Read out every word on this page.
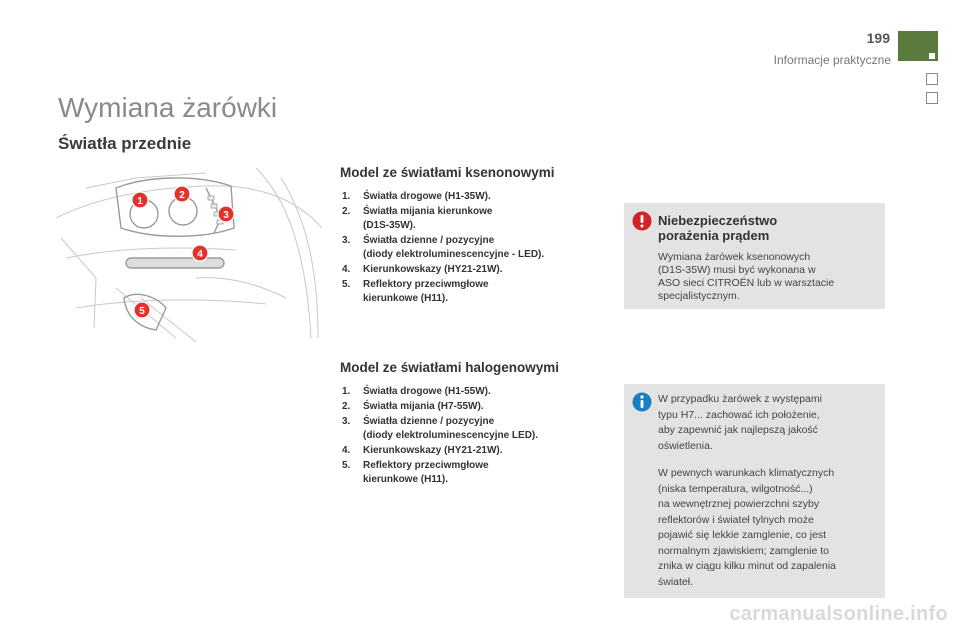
199
Informacje praktyczne
Wymiana żarówki
Światła przednie
1
2
3
4
5
Model ze światłami ksenonowymi
1.	Światła drogowe (H1-35W).
2.	Światła mijania kierunkowe
(D1S-35W).
3.	Światła dzienne / pozycyjne
(diody elektroluminescencyjne - LED).
4.	Kierunkowskazy (HY21-21W).
5.	Reflektory przeciwmgłowe
kierunkowe (H11).
Model ze światłami halogenowymi
1.	Światła drogowe (H1-55W).
2.	Światła mijania (H7-55W).
3.	Światła dzienne / pozycyjne
(diody elektroluminescencyjne LED).
4.	Kierunkowskazy (HY21-21W).
5.	Reflektory przeciwmgłowe
kierunkowe (H11).

Niebezpieczeństwo
porażenia prądem

Wymiana żarówek ksenonowych
(D1S-35W) musi być wykonana w
ASO sieci CITROËN lub w warsztacie
specjalistycznym.

W przypadku żarówek z występami
typu H7... zachować ich położenie,
aby zapewnić jak najlepszą jakość
oświetlenia.

W pewnych warunkach klimatycznych
(niska temperatura, wilgotność...)
na wewnętrznej powierzchni szyby
reflektorów i świateł tylnych może
pojawić się lekkie zamglenie, co jest
normalnym zjawiskiem; zamglenie to
znika w ciągu kilku minut od zapalenia
świateł.

carmanualsonline.info
